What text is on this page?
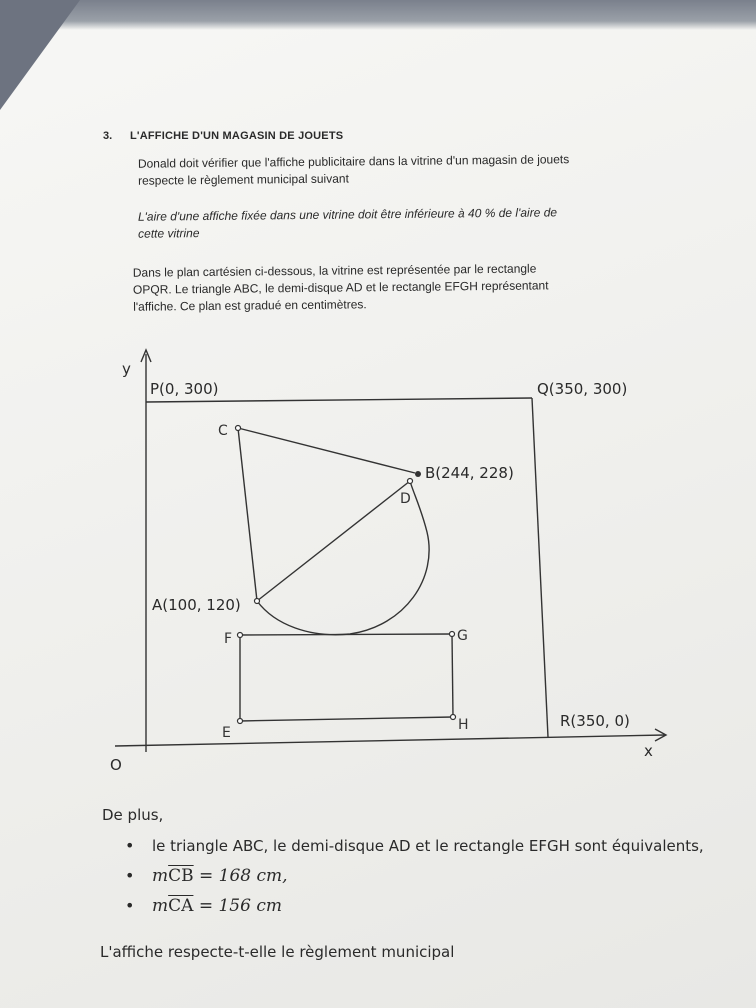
3. L'AFFICHE D'UN MAGASIN DE JOUETS
Donald doit vérifier que l'affiche publicitaire dans la vitrine d'un magasin de jouets
respecte le règlement municipal suivant
L'aire d'une affiche fixée dans une vitrine doit être inférieure à 40 % de l'aire de
cette vitrine
Dans le plan cartésien ci-dessous, la vitrine est représentée par le rectangle
OPQR. Le triangle ABC, le demi-disque AD et le rectangle EFGH représentant
l'affiche. Ce plan est gradué en centimètres.
y
x
O
P(0, 300)	Q(350, 300)
R(350, 0)
A(100, 120)
B(244, 228)
C
D
F	G
E	H
De plus,
• le triangle ABC, le demi-disque AD et le rectangle EFGH sont équivalents,
• $m\overline{CB} = 168$ cm,
• $m\overline{CA} = 156$ cm
L'affiche respecte-t-elle le règlement municipal
